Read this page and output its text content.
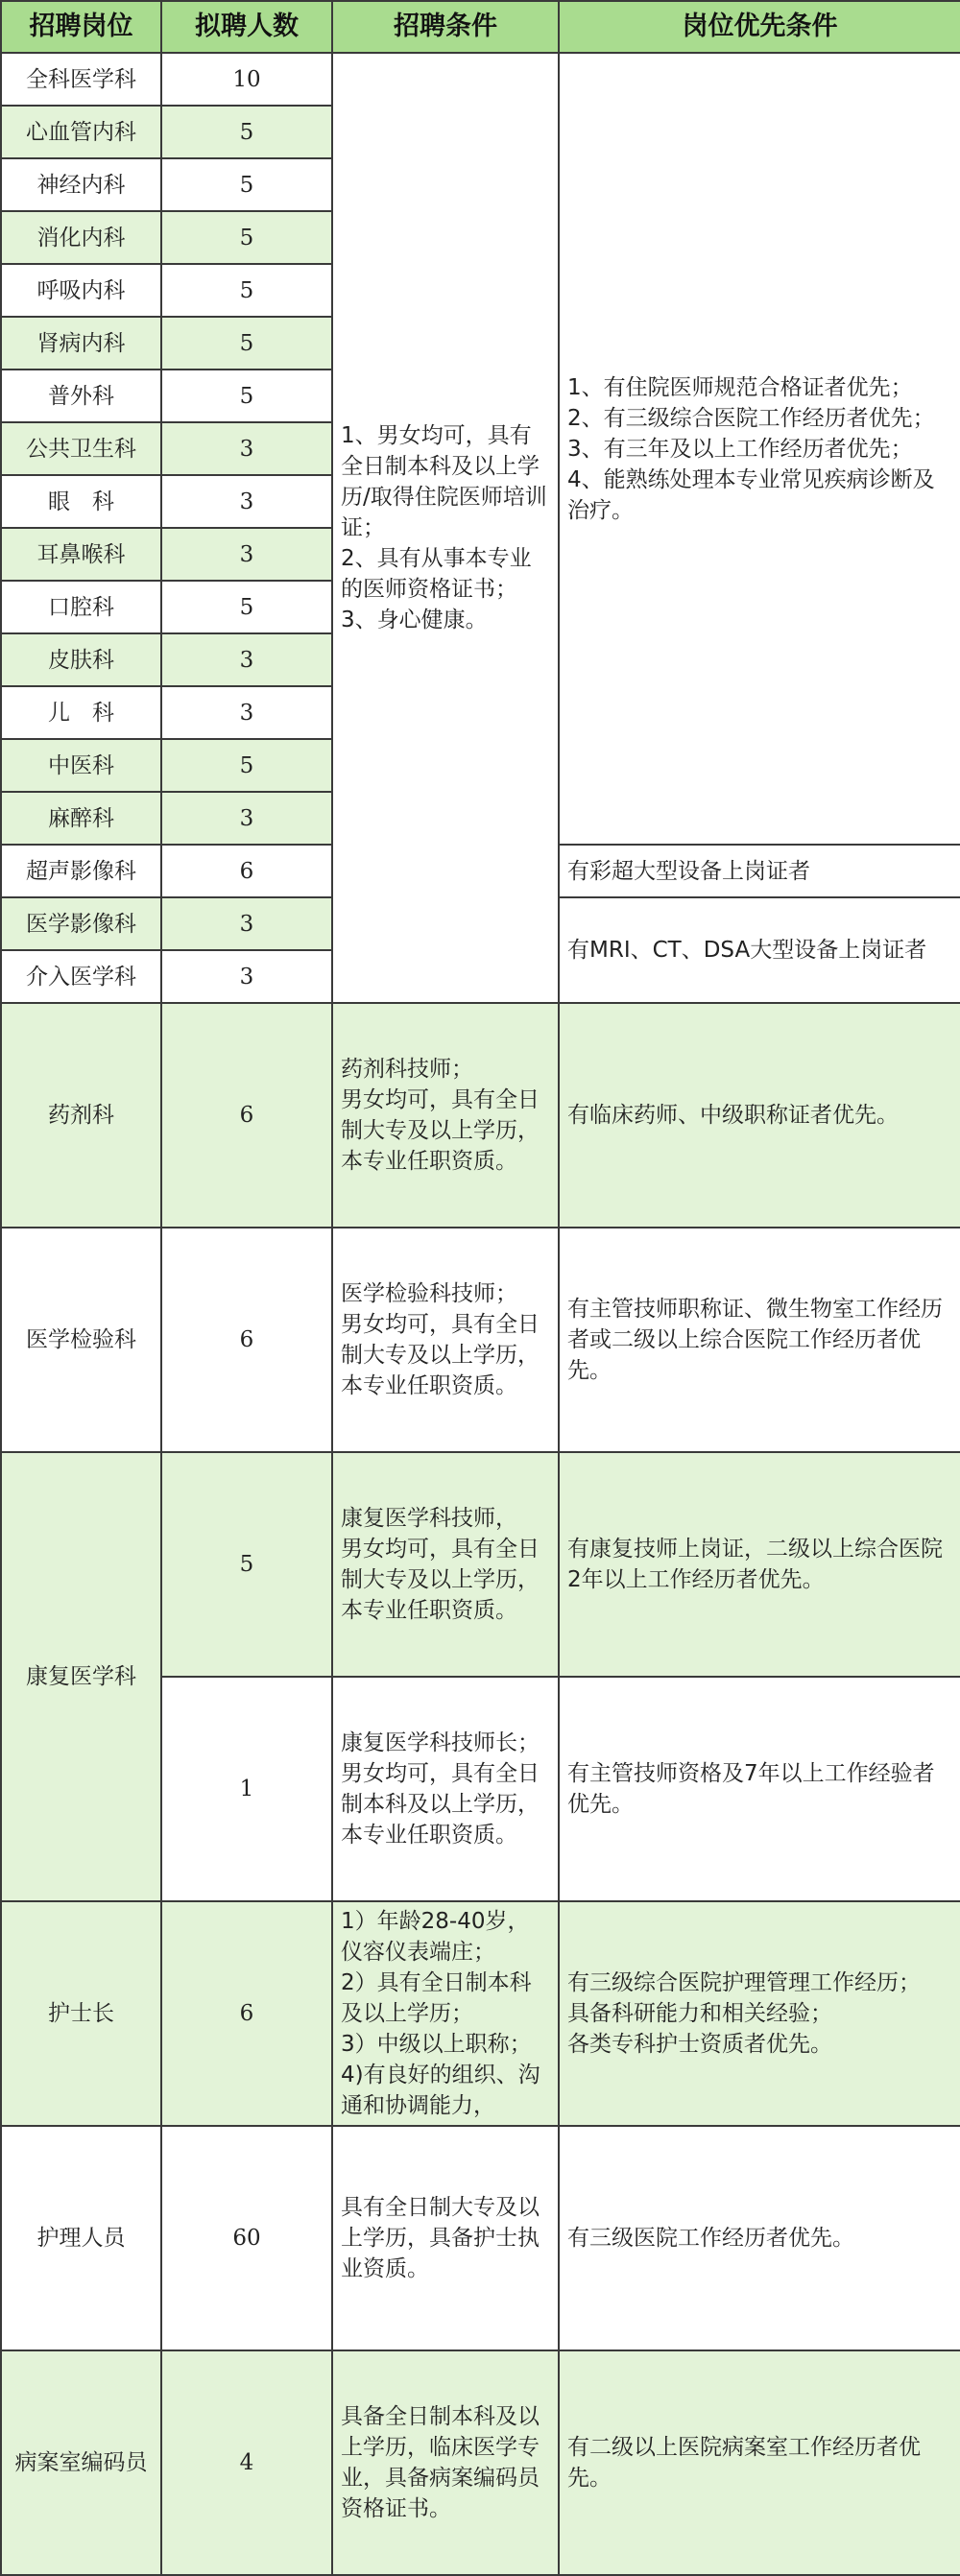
招聘岗位	拟聘人数	招聘条件	岗位优先条件
全科医学科	10	1、男女均可，具有全日制本科及以上学历/取得住院医师培训证；
2、具有从事本专业的医师资格证书；
3、身心健康。	1、有住院医师规范合格证者优先；
2、有三级综合医院工作经历者优先；
3、有三年及以上工作经历者优先；
4、能熟练处理本专业常见疾病诊断及治疗。
心血管内科	5		
神经内科	5		
消化内科	5		
呼吸内科	5		
肾病内科	5		
普外科	5		
公共卫生科	3		
眼　科	3		
耳鼻喉科	3		
口腔科	5		
皮肤科	3		
儿　科	3		
中医科	5		
麻醉科	3		
超声影像科	6		有彩超大型设备上岗证者
医学影像科	3		有MRI、CT、DSA大型设备上岗证者
介入医学科	3		
药剂科	6	药剂科技师；
男女均可，具有全日制大专及以上学历，本专业任职资质。	有临床药师、中级职称证者优先。
医学检验科	6	医学检验科技师；
男女均可，具有全日制大专及以上学历，本专业任职资质。	有主管技师职称证、微生物室工作经历者或二级以上综合医院工作经历者优先。
康复医学科	5	康复医学科技师，
男女均可，具有全日制大专及以上学历，本专业任职资质。	有康复技师上岗证，二级以上综合医院2年以上工作经历者优先。
	1	康复医学科技师长；
男女均可，具有全日制本科及以上学历，本专业任职资质。	有主管技师资格及7年以上工作经验者优先。
护士长	6	1）年龄28-40岁，仪容仪表端庄；
2）具有全日制本科及以上学历；
3）中级以上职称；
4)有良好的组织、沟通和协调能力，	有三级综合医院护理管理工作经历；
具备科研能力和相关经验；
各类专科护士资质者优先。
护理人员	60	具有全日制大专及以上学历，具备护士执业资质。	有三级医院工作经历者优先。
病案室编码员	4	具备全日制本科及以上学历，临床医学专业，具备病案编码员资格证书。	有二级以上医院病案室工作经历者优先。
